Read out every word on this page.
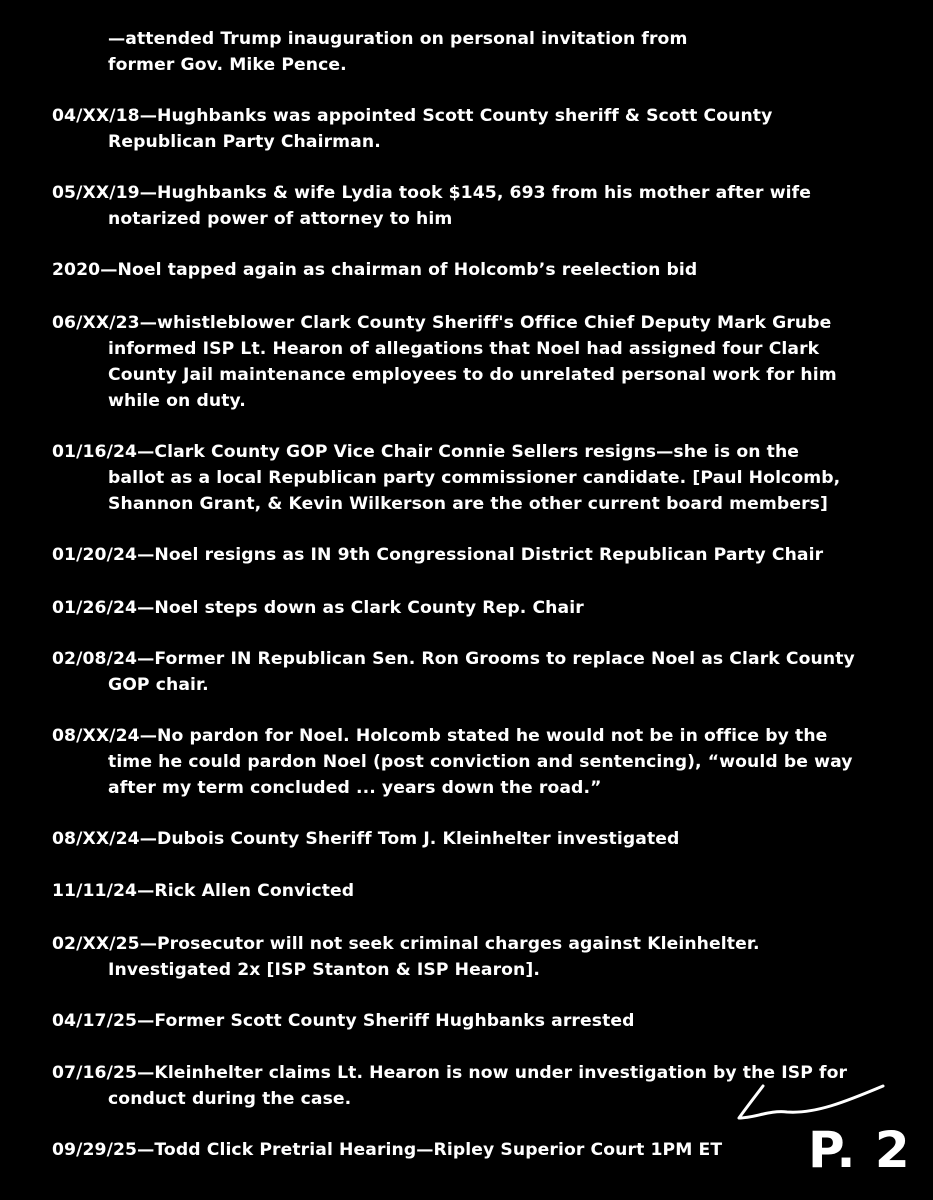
—attended Trump inauguration on personal invitation from
former Gov. Mike Pence.
04/XX/18—Hughbanks was appointed Scott County sheriff & Scott County
Republican Party Chairman.
05/XX/19—Hughbanks & wife Lydia took $145, 693 from his mother after wife
notarized power of attorney to him
2020—Noel tapped again as chairman of Holcomb’s reelection bid
06/XX/23—whistleblower Clark County Sheriff's Office Chief Deputy Mark Grube
informed ISP Lt. Hearon of allegations that Noel had assigned four Clark
County Jail maintenance employees to do unrelated personal work for him
while on duty.
01/16/24—Clark County GOP Vice Chair Connie Sellers resigns—she is on the
ballot as a local Republican party commissioner candidate. [Paul Holcomb,
Shannon Grant, & Kevin Wilkerson are the other current board members]
01/20/24—Noel resigns as IN 9th Congressional District Republican Party Chair
01/26/24—Noel steps down as Clark County Rep. Chair
02/08/24—Former IN Republican Sen. Ron Grooms to replace Noel as Clark County
GOP chair.
08/XX/24—No pardon for Noel. Holcomb stated he would not be in office by the
time he could pardon Noel (post conviction and sentencing), “would be way
after my term concluded ... years down the road.”
08/XX/24—Dubois County Sheriff Tom J. Kleinhelter investigated
11/11/24—Rick Allen Convicted
02/XX/25—Prosecutor will not seek criminal charges against Kleinhelter.
Investigated 2x [ISP Stanton & ISP Hearon].
04/17/25—Former Scott County Sheriff Hughbanks arrested
07/16/25—Kleinhelter claims Lt. Hearon is now under investigation by the ISP for
conduct during the case.
09/29/25—Todd Click Pretrial Hearing—Ripley Superior Court 1PM ET	P. 2
